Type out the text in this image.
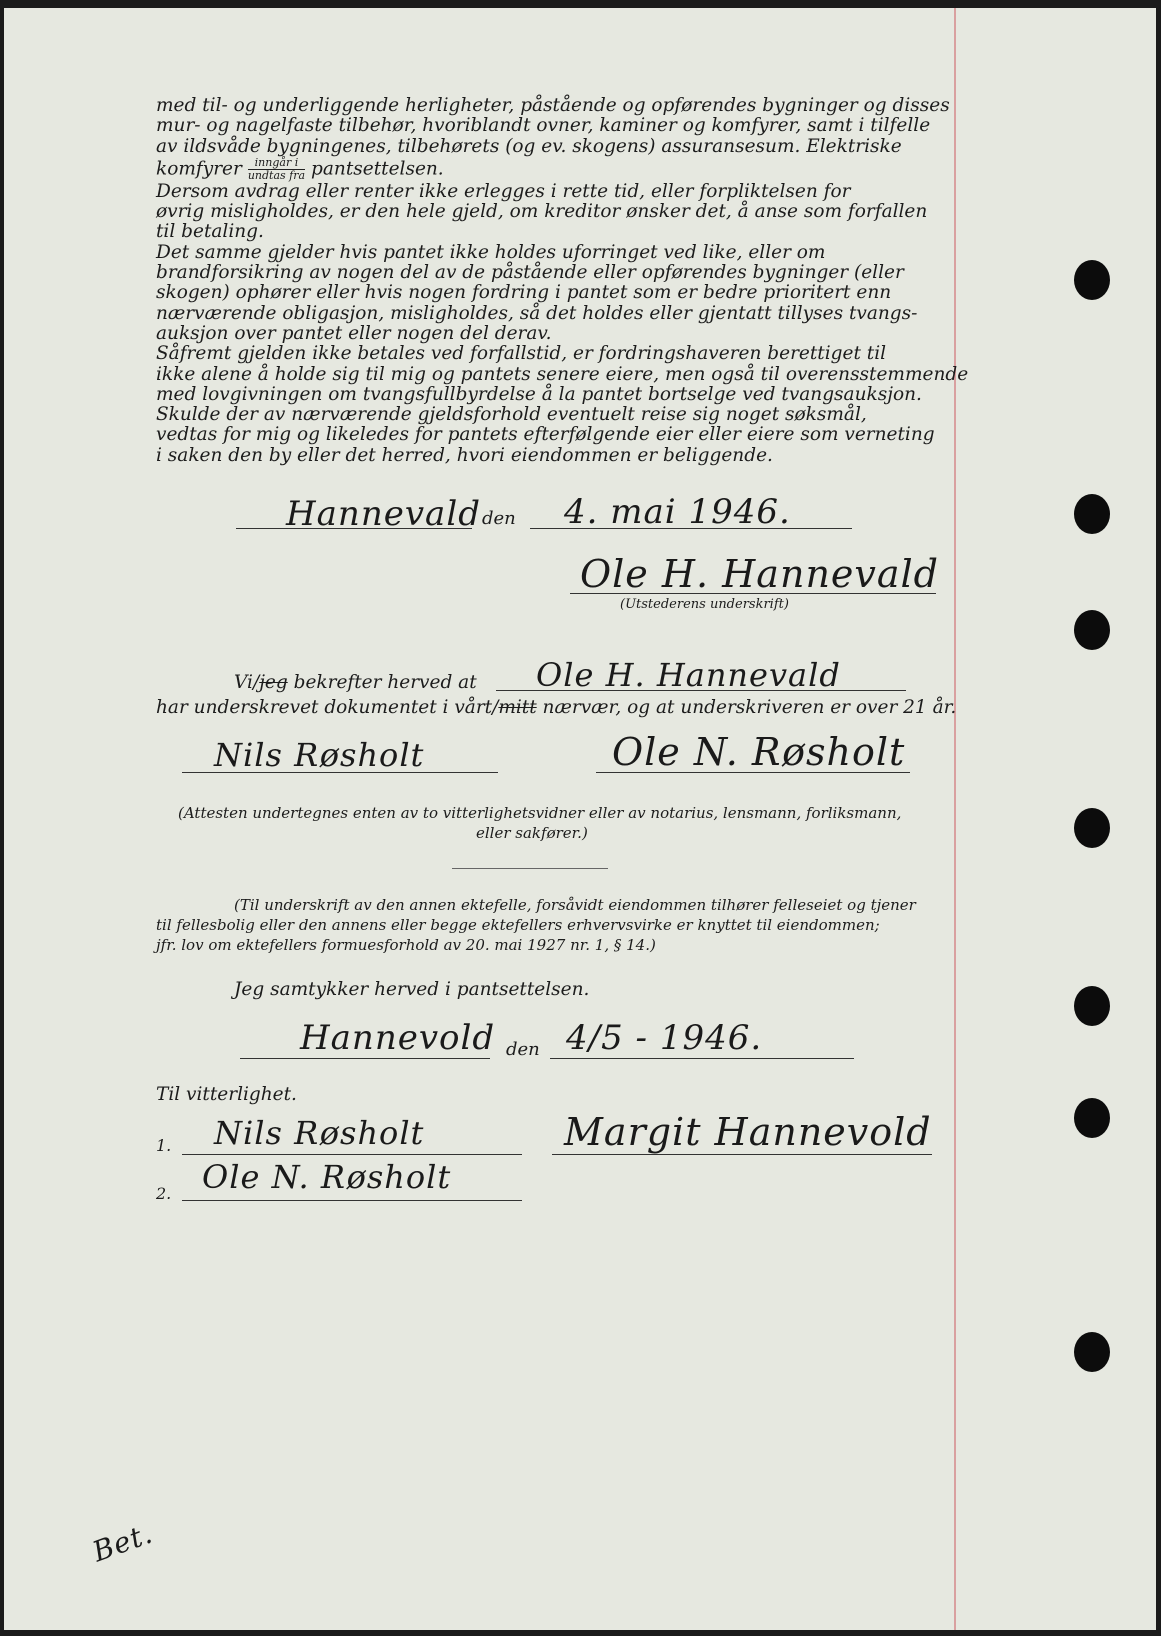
med til- og underliggende herligheter, påstående og opførendes bygninger og disses
mur- og nagelfaste tilbehør, hvoriblandt ovner, kaminer og komfyrer, samt i tilfelle
av ildsvåde bygningenes, tilbehørets (og ev. skogens) assuransesum. Elektriske
komfyrer $\frac{\text{inngår i}}{\text{undtas fra}}$ pantsettelsen.
Dersom avdrag eller renter ikke erlegges i rette tid, eller forpliktelsen for
øvrig misligholdes, er den hele gjeld, om kreditor ønsker det, å anse som forfallen
til betaling.
Det samme gjelder hvis pantet ikke holdes uforringet ved like, eller om
brandforsikring av nogen del av de påstående eller opførendes bygninger (eller
skogen) ophører eller hvis nogen fordring i pantet som er bedre prioritert enn
nærværende obligasjon, misligholdes, så det holdes eller gjentatt tillyses tvangs-
auksjon over pantet eller nogen del derav.
Såfremt gjelden ikke betales ved forfallstid, er fordringshaveren berettiget til
ikke alene å holde sig til mig og pantets senere eiere, men også til overensstemmende
med lovgivningen om tvangsfullbyrdelse å la pantet bortselge ved tvangsauksjon.
Skulde der av nærværende gjeldsforhold eventuelt reise sig noget søksmål,
vedtas for mig og likeledes for pantets efterfølgende eier eller eiere som verneting
i saken den by eller det herred, hvori eiendommen er beliggende.
Hannevald den 4. mai 1946.
Ole H. Hannevald
(Utstederens underskrift)
Vi/jeg bekrefter herved at Ole H. Hannevald
har underskrevet dokumentet i vårt/mitt nærvær, og at underskriveren er over 21 år.
Nils Røsholt	Ole N. Røsholt
(Attesten undertegnes enten av to vitterlighetsvidner eller av notarius, lensmann, forliksmann,
eller sakfører.)
(Til underskrift av den annen ektefelle, forsåvidt eiendommen tilhører felleseiet og tjener
til fellesbolig eller den annens eller begge ektefellers erhvervsvirke er knyttet til eiendommen;
jfr. lov om ektefellers formuesforhold av 20. mai 1927 nr. 1, § 14.)
Jeg samtykker herved i pantsettelsen.
Hannevold den 4/5 - 1946.
Til vitterlighet.
1. Nils Røsholt	Margit Hannevold
2. Ole N. Røsholt
Bet.
